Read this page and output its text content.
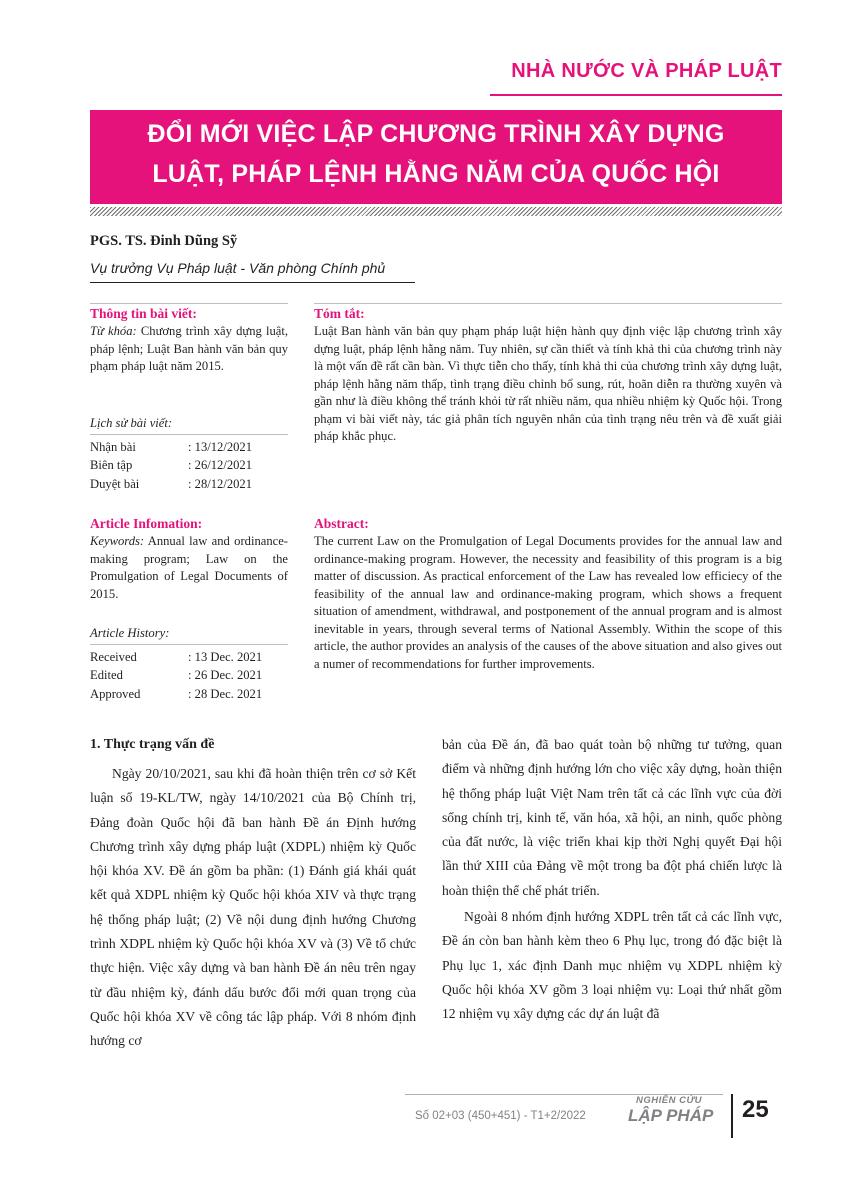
NHÀ NƯỚC VÀ PHÁP LUẬT
ĐỔI MỚI VIỆC LẬP CHƯƠNG TRÌNH XÂY DỰNG
LUẬT, PHÁP LỆNH HẰNG NĂM CỦA QUỐC HỘI
PGS. TS. Đinh Dũng Sỹ
Vụ trưởng Vụ Pháp luật - Văn phòng Chính phủ
Thông tin bài viết:
Từ khóa: Chương trình xây dựng luật, pháp lệnh; Luật Ban hành văn bản quy phạm pháp luật năm 2015.
Lịch sử bài viết:
Nhận bài	: 13/12/2021
Biên tập	: 26/12/2021
Duyệt bài	: 28/12/2021
Tóm tắt:
Luật Ban hành văn bản quy phạm pháp luật hiện hành quy định việc lập chương trình xây dựng luật, pháp lệnh hằng năm. Tuy nhiên, sự cần thiết và tính khả thi của chương trình này là một vấn đề rất cần bàn. Vì thực tiễn cho thấy, tính khả thi của chương trình xây dựng luật, pháp lệnh hằng năm thấp, tình trạng điều chỉnh bổ sung, rút, hoãn diễn ra thường xuyên và gần như là điều không thể tránh khỏi từ rất nhiều năm, qua nhiều nhiệm kỳ Quốc hội. Trong phạm vi bài viết này, tác giả phân tích nguyên nhân của tình trạng nêu trên và đề xuất giải pháp khắc phục.
Article Infomation:
Keywords: Annual law and ordinance-making program; Law on the Promulgation of Legal Documents of 2015.
Article History:
Received	: 13 Dec. 2021
Edited	: 26 Dec. 2021
Approved	: 28 Dec. 2021
Abstract:
The current Law on the Promulgation of Legal Documents provides for the annual law and ordinance-making program. However, the necessity and feasibility of this program is a big matter of discussion. As practical enforcement of the Law has revealed low efficiecy of the feasibility of the annual law and ordinance-making program, which shows a frequent situation of amendment, withdrawal, and postponement of the annual program and is almost inevitable in years, through several terms of National Assembly. Within the scope of this article, the author provides an analysis of the causes of the above situation and also gives out a numer of recommendations for further improvements.
1. Thực trạng vấn đề

Ngày 20/10/2021, sau khi đã hoàn thiện trên cơ sở Kết luận số 19-KL/TW, ngày 14/10/2021 của Bộ Chính trị, Đảng đoàn Quốc hội đã ban hành Đề án Định hướng Chương trình xây dựng pháp luật (XDPL) nhiệm kỳ Quốc hội khóa XV. Đề án gồm ba phần: (1) Đánh giá khái quát kết quả XDPL nhiệm kỳ Quốc hội khóa XIV và thực trạng hệ thống pháp luật; (2) Về nội dung định hướng Chương trình XDPL nhiệm kỳ Quốc hội khóa XV và (3) Về tổ chức thực hiện. Việc xây dựng và ban hành Đề án nêu trên ngay từ đầu nhiệm kỳ, đánh dấu bước đổi mới quan trọng của Quốc hội khóa XV về công tác lập pháp. Với 8 nhóm định hướng cơ

bản của Đề án, đã bao quát toàn bộ những tư tưởng, quan điểm và những định hướng lớn cho việc xây dựng, hoàn thiện hệ thống pháp luật Việt Nam trên tất cả các lĩnh vực của đời sống chính trị, kinh tế, văn hóa, xã hội, an ninh, quốc phòng của đất nước, là việc triển khai kịp thời Nghị quyết Đại hội lần thứ XIII của Đảng về một trong ba đột phá chiến lược là hoàn thiện thể chế phát triển.

Ngoài 8 nhóm định hướng XDPL trên tất cả các lĩnh vực, Đề án còn ban hành kèm theo 6 Phụ lục, trong đó đặc biệt là Phụ lục 1, xác định Danh mục nhiệm vụ XDPL nhiệm kỳ Quốc hội khóa XV gồm 3 loại nhiệm vụ: Loại thứ nhất gồm 12 nhiệm vụ xây dựng các dự án luật đã

Số 02+03 (450+451) - T1+2/2022
NGHIÊN CỨU
LẬP PHÁP 25
